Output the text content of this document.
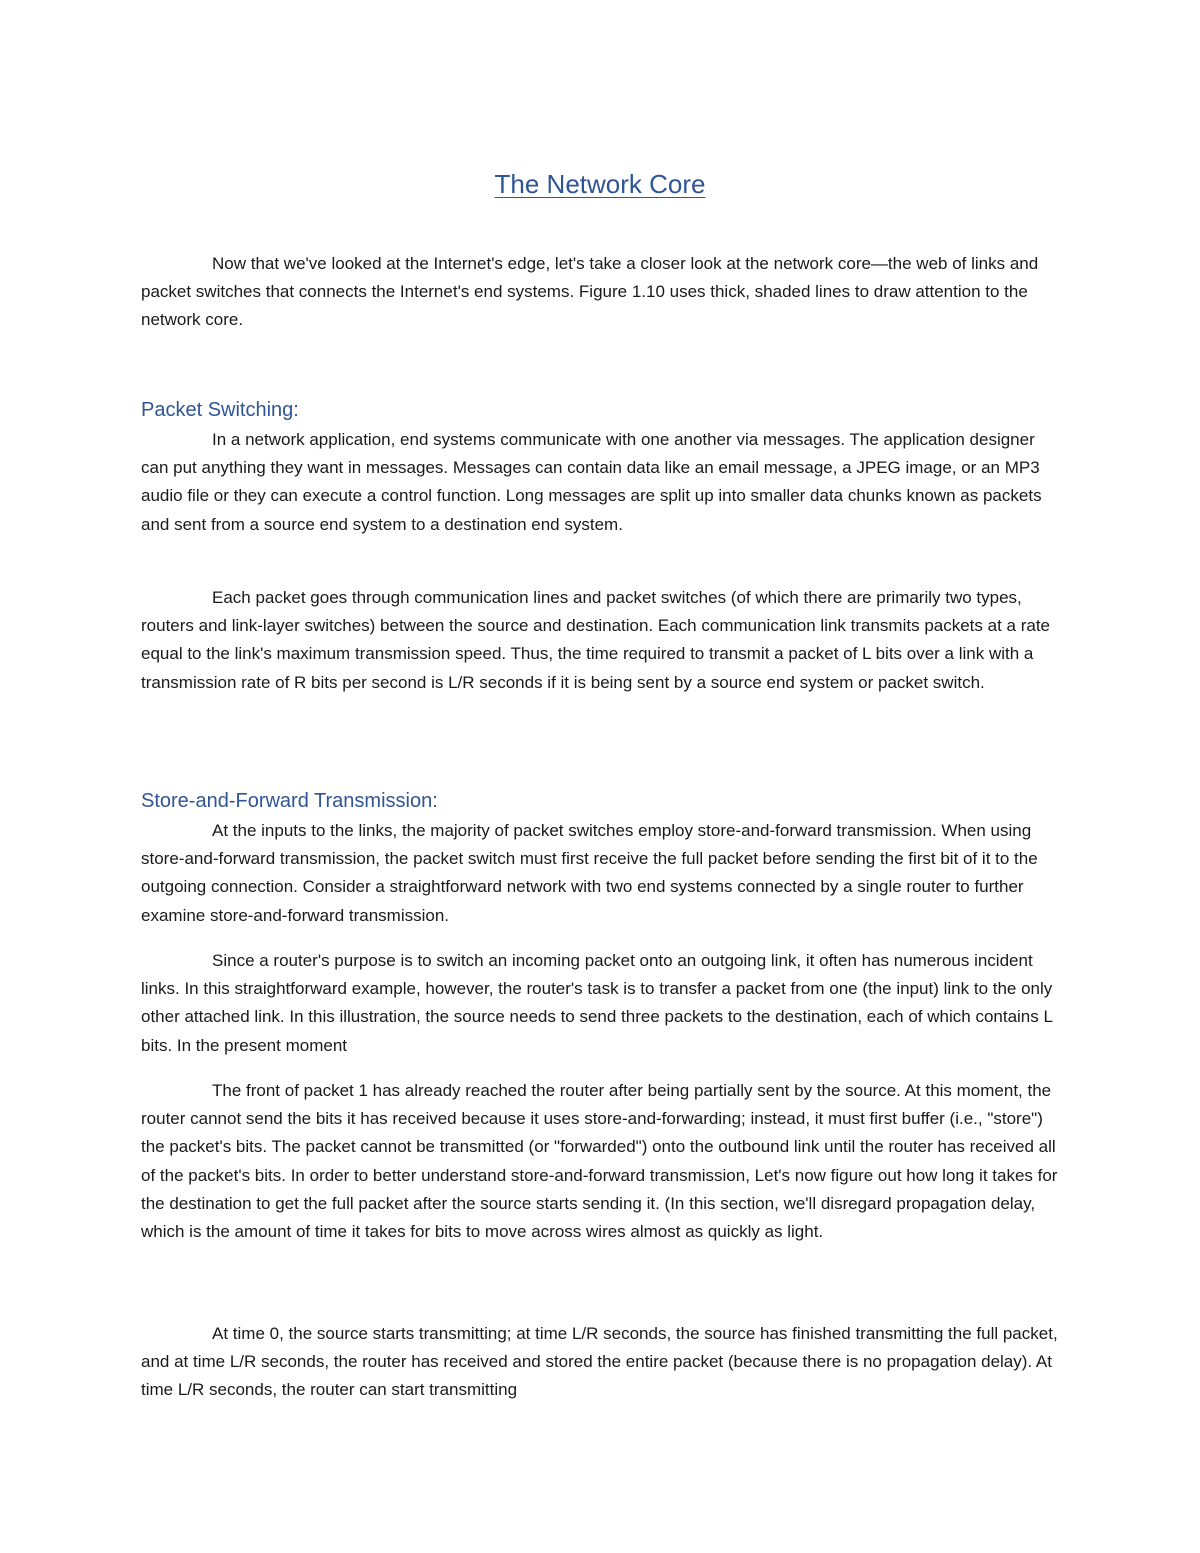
The Network Core

Now that we've looked at the Internet's edge, let's take a closer look at the network core—the web of links and packet switches that connects the Internet's end systems. Figure 1.10 uses thick, shaded lines to draw attention to the network core.

Packet Switching:

In a network application, end systems communicate with one another via messages. The application designer can put anything they want in messages. Messages can contain data like an email message, a JPEG image, or an MP3 audio file or they can execute a control function. Long messages are split up into smaller data chunks known as packets and sent from a source end system to a destination end system.

Each packet goes through communication lines and packet switches (of which there are primarily two types, routers and link-layer switches) between the source and destination. Each communication link transmits packets at a rate equal to the link's maximum transmission speed. Thus, the time required to transmit a packet of L bits over a link with a transmission rate of R bits per second is L/R seconds if it is being sent by a source end system or packet switch.

Store-and-Forward Transmission:

At the inputs to the links, the majority of packet switches employ store-and-forward transmission. When using store-and-forward transmission, the packet switch must first receive the full packet before sending the first bit of it to the outgoing connection. Consider a straightforward network with two end systems connected by a single router to further examine store-and-forward transmission.

Since a router's purpose is to switch an incoming packet onto an outgoing link, it often has numerous incident links. In this straightforward example, however, the router's task is to transfer a packet from one (the input) link to the only other attached link. In this illustration, the source needs to send three packets to the destination, each of which contains L bits. In the present moment

The front of packet 1 has already reached the router after being partially sent by the source. At this moment, the router cannot send the bits it has received because it uses store-and-forwarding; instead, it must first buffer (i.e., "store") the packet's bits. The packet cannot be transmitted (or "forwarded") onto the outbound link until the router has received all of the packet's bits. In order to better understand store-and-forward transmission, Let's now figure out how long it takes for the destination to get the full packet after the source starts sending it. (In this section, we'll disregard propagation delay, which is the amount of time it takes for bits to move across wires almost as quickly as light.

At time 0, the source starts transmitting; at time L/R seconds, the source has finished transmitting the full packet, and at time L/R seconds, the router has received and stored the entire packet (because there is no propagation delay). At time L/R seconds, the router can start transmitting
